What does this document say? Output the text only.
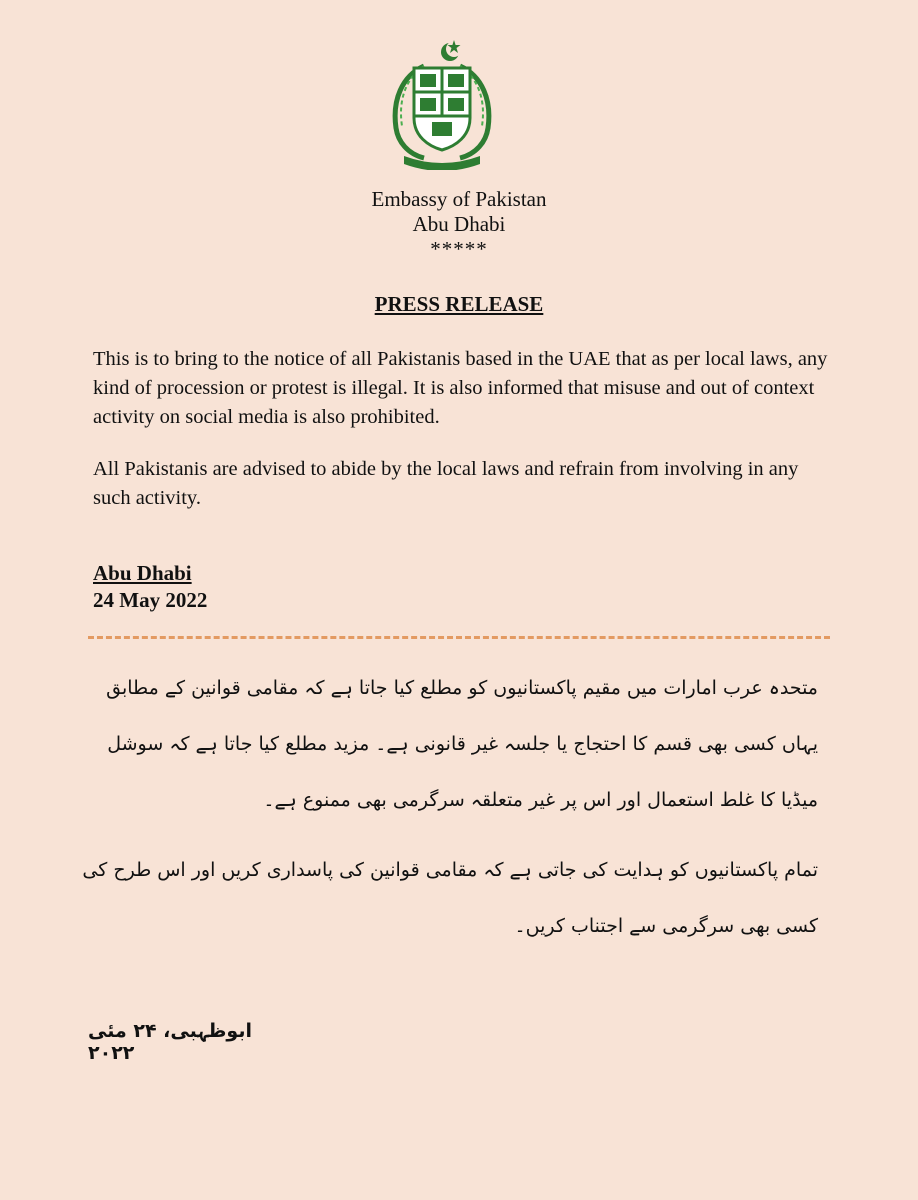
Embassy of Pakistan
Abu Dhabi
*****
PRESS RELEASE

This is to bring to the notice of all Pakistanis based in the UAE that as per local laws, any kind of procession or protest is illegal. It is also informed that misuse and out of context activity on social media is also prohibited.

All Pakistanis are advised to abide by the local laws and refrain from involving in any such activity.

Abu Dhabi
24 May 2022

متحدہ عرب امارات میں مقیم پاکستانیوں کو مطلع کیا جاتا ہے کہ مقامی قوانین کے مطابق یہاں کسی بھی قسم کا احتجاج یا جلسہ غیر قانونی ہے۔ مزید مطلع کیا جاتا ہے کہ سوشل میڈیا کا غلط استعمال اور اس پر غیر متعلقہ سرگرمی بھی ممنوع ہے۔

تمام پاکستانیوں کو ہدایت کی جاتی ہے کہ مقامی قوانین کی پاسداری کریں اور اس طرح کی کسی بھی سرگرمی سے اجتناب کریں۔

ابوظہبی، ۲۴ مئی ۲۰۲۲
